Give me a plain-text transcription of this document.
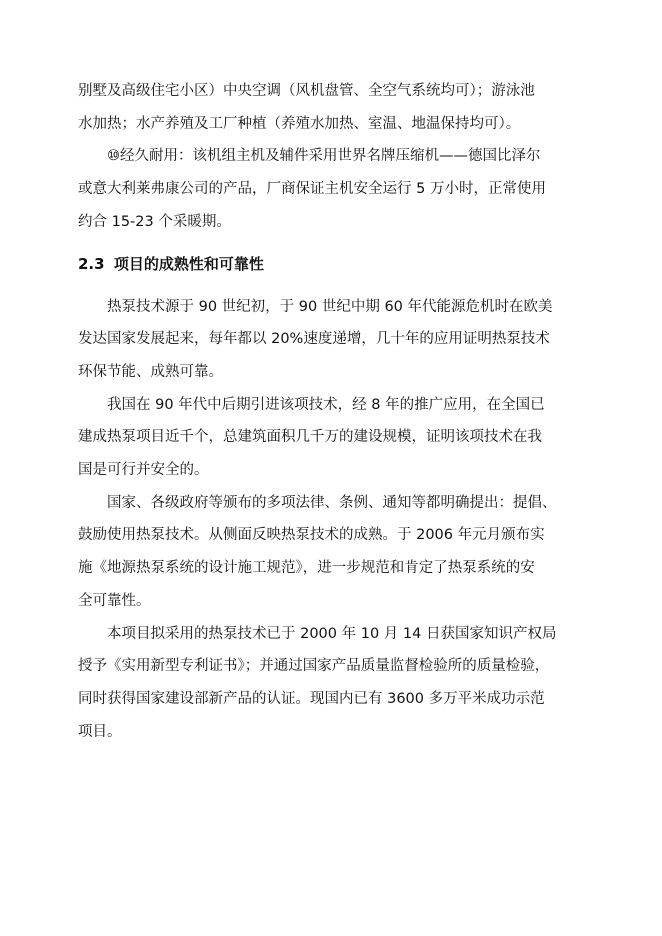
别墅及高级住宅小区）中央空调（风机盘管、全空气系统均可）；游泳池
水加热；水产养殖及工厂种植（养殖水加热、室温、地温保持均可）。

⑩经久耐用：该机组主机及辅件采用世界名牌压缩机——德国比泽尔
或意大利莱弗康公司的产品，厂商保证主机安全运行 5 万小时，正常使用
约合 15-23 个采暖期。

2.3 项目的成熟性和可靠性

热泵技术源于 90 世纪初，于 90 世纪中期 60 年代能源危机时在欧美
发达国家发展起来，每年都以 20%速度递增，几十年的应用证明热泵技术
环保节能、成熟可靠。

我国在 90 年代中后期引进该项技术，经 8 年的推广应用，在全国已
建成热泵项目近千个，总建筑面积几千万的建设规模，证明该项技术在我
国是可行并安全的。

国家、各级政府等颁布的多项法律、条例、通知等都明确提出：提倡、
鼓励使用热泵技术。从侧面反映热泵技术的成熟。于 2006 年元月颁布实
施《地源热泵系统的设计施工规范》，进一步规范和肯定了热泵系统的安
全可靠性。

本项目拟采用的热泵技术已于 2000 年 10 月 14 日获国家知识产权局
授予《实用新型专利证书》；并通过国家产品质量监督检验所的质量检验，
同时获得国家建设部新产品的认证。现国内已有 3600 多万平米成功示范
项目。
